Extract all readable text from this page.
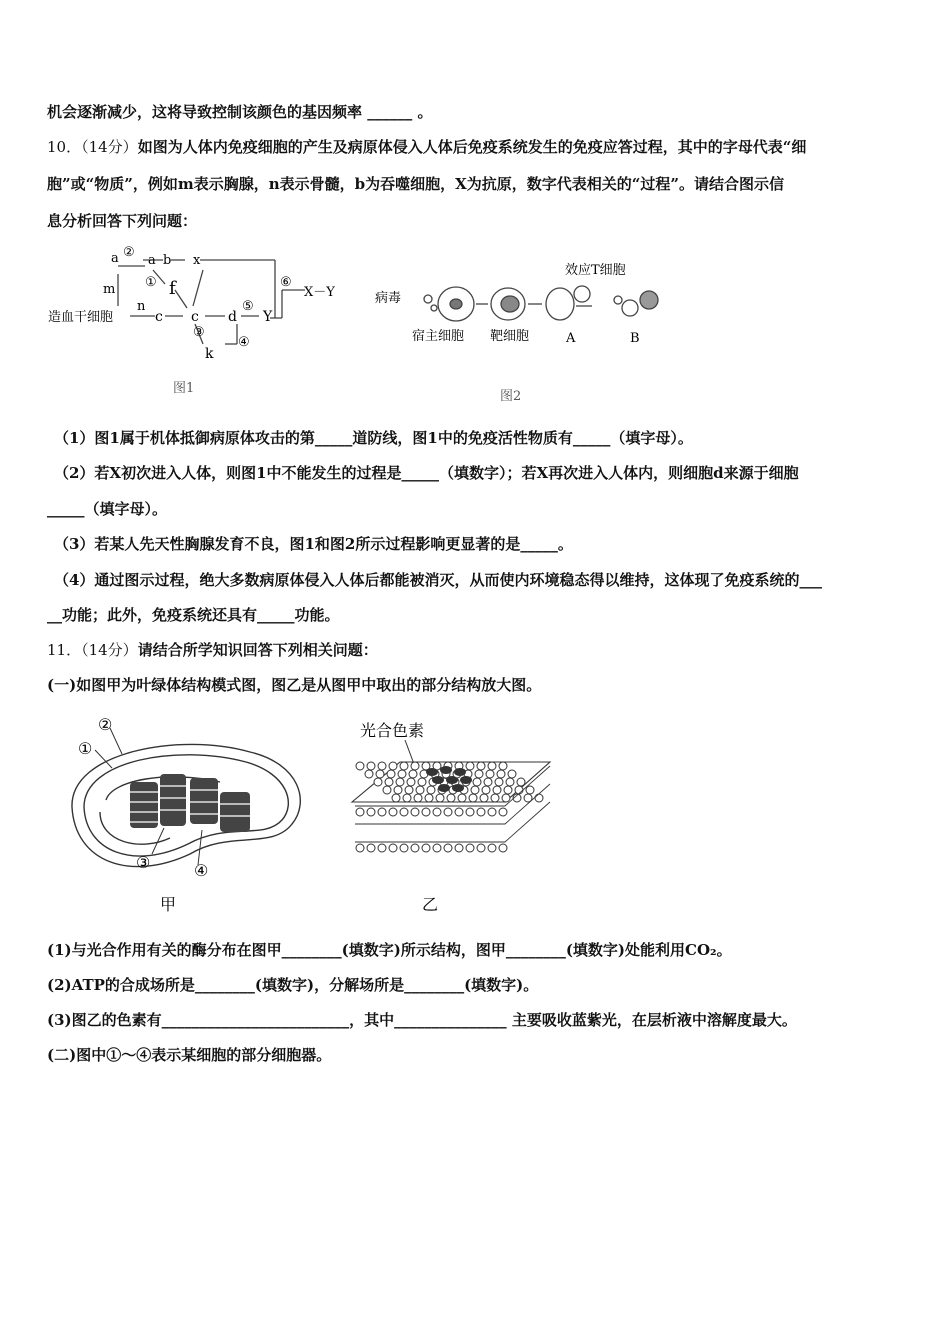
机会逐渐减少，这将导致控制该颜色的基因频率 ______ 。
10．（14分）如图为人体内免疫细胞的产生及病原体侵入人体后免疫系统发生的免疫应答过程，其中的字母代表“细
胞”或“物质”，例如m表示胸腺，n表示骨髓，b为吞噬细胞，X为抗原，数字代表相关的“过程”。请结合图示信
息分析回答下列问题：
造血干细胞
a a b x
②
① f
m
n
c c d
⑤
Y
⑥
X－Y
③
k
④
图1
病毒
效应T细胞
宿主细胞 靶细胞	A	B
图2
（1）图1属于机体抵御病原体攻击的第_____道防线，图1中的免疫活性物质有_____（填字母）。
（2）若X初次进入人体，则图1中不能发生的过程是_____（填数字）；若X再次进入人体内，则细胞d来源于细胞
_____（填字母）。
（3）若某人先天性胸腺发育不良，图1和图2所示过程影响更显著的是_____。
（4）通过图示过程，绝大多数病原体侵入人体后都能被消灭，从而使内环境稳态得以维持，这体现了免疫系统的___
__功能；此外，免疫系统还具有_____功能。
11．（14分）请结合所学知识回答下列相关问题：
(一)如图甲为叶绿体结构模式图，图乙是从图甲中取出的部分结构放大图。
②
①
③	④
甲
光合色素
乙
(1)与光合作用有关的酶分布在图甲________(填数字)所示结构，图甲________(填数字)处能利用CO₂。
(2)ATP的合成场所是________(填数字)，分解场所是________(填数字)。
(3)图乙的色素有_________________________，其中_______________ 主要吸收蓝紫光，在层析液中溶解度最大。
(二)图中①～④表示某细胞的部分细胞器。
